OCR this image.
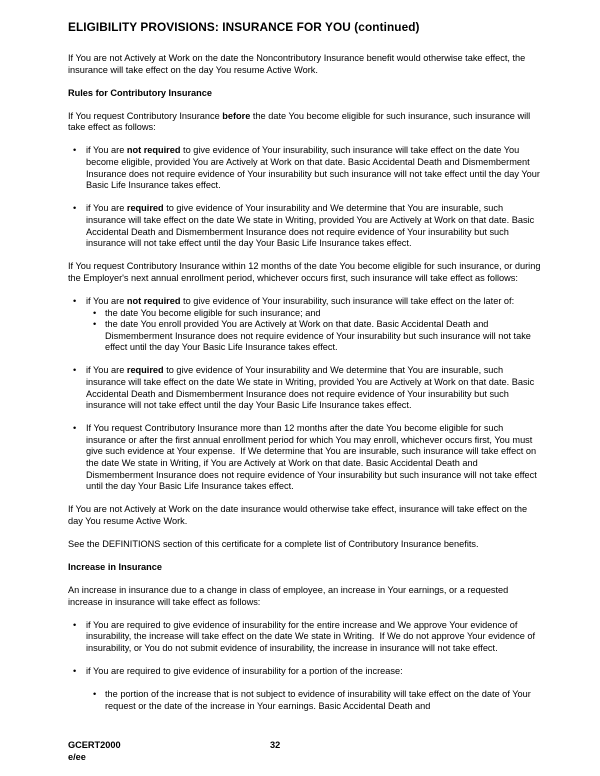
ELIGIBILITY PROVISIONS: INSURANCE FOR YOU (continued)
If You are not Actively at Work on the date the Noncontributory Insurance benefit would otherwise take effect, the insurance will take effect on the day You resume Active Work.
Rules for Contributory Insurance
If You request Contributory Insurance before the date You become eligible for such insurance, such insurance will take effect as follows:
•	if You are not required to give evidence of Your insurability, such insurance will take effect on the date You become eligible, provided You are Actively at Work on that date. Basic Accidental Death and Dismemberment Insurance does not require evidence of Your insurability but such insurance will not take effect until the day Your Basic Life Insurance takes effect.
•	if You are required to give evidence of Your insurability and We determine that You are insurable, such insurance will take effect on the date We state in Writing, provided You are Actively at Work on that date. Basic Accidental Death and Dismemberment Insurance does not require evidence of Your insurability but such insurance will not take effect until the day Your Basic Life Insurance takes effect.
If You request Contributory Insurance within 12 months of the date You become eligible for such insurance, or during the Employer's next annual enrollment period, whichever occurs first, such insurance will take effect as follows:
•	if You are not required to give evidence of Your insurability, such insurance will take effect on the later of:
• the date You become eligible for such insurance; and
• the date You enroll provided You are Actively at Work on that date. Basic Accidental Death and Dismemberment Insurance does not require evidence of Your insurability but such insurance will not take effect until the day Your Basic Life Insurance takes effect.
•	if You are required to give evidence of Your insurability and We determine that You are insurable, such insurance will take effect on the date We state in Writing, provided You are Actively at Work on that date. Basic Accidental Death and Dismemberment Insurance does not require evidence of Your insurability but such insurance will not take effect until the day Your Basic Life Insurance takes effect.
•	If You request Contributory Insurance more than 12 months after the date You become eligible for such insurance or after the first annual enrollment period for which You may enroll, whichever occurs first, You must give such evidence at Your expense.  If We determine that You are insurable, such insurance will take effect on the date We state in Writing, if You are Actively at Work on that date. Basic Accidental Death and Dismemberment Insurance does not require evidence of Your insurability but such insurance will not take effect until the day Your Basic Life Insurance takes effect.
If You are not Actively at Work on the date insurance would otherwise take effect, insurance will take effect on the day You resume Active Work.
See the DEFINITIONS section of this certificate for a complete list of Contributory Insurance benefits.
Increase in Insurance
An increase in insurance due to a change in class of employee, an increase in Your earnings, or a requested increase in insurance will take effect as follows:
•	if You are required to give evidence of insurability for the entire increase and We approve Your evidence of insurability, the increase will take effect on the date We state in Writing.  If We do not approve Your evidence of insurability, or You do not submit evidence of insurability, the increase in insurance will not take effect.
•	if You are required to give evidence of insurability for a portion of the increase:
• the portion of the increase that is not subject to evidence of insurability will take effect on the date of Your request or the date of the increase in Your earnings. Basic Accidental Death and
GCERT2000
e/ee
32
